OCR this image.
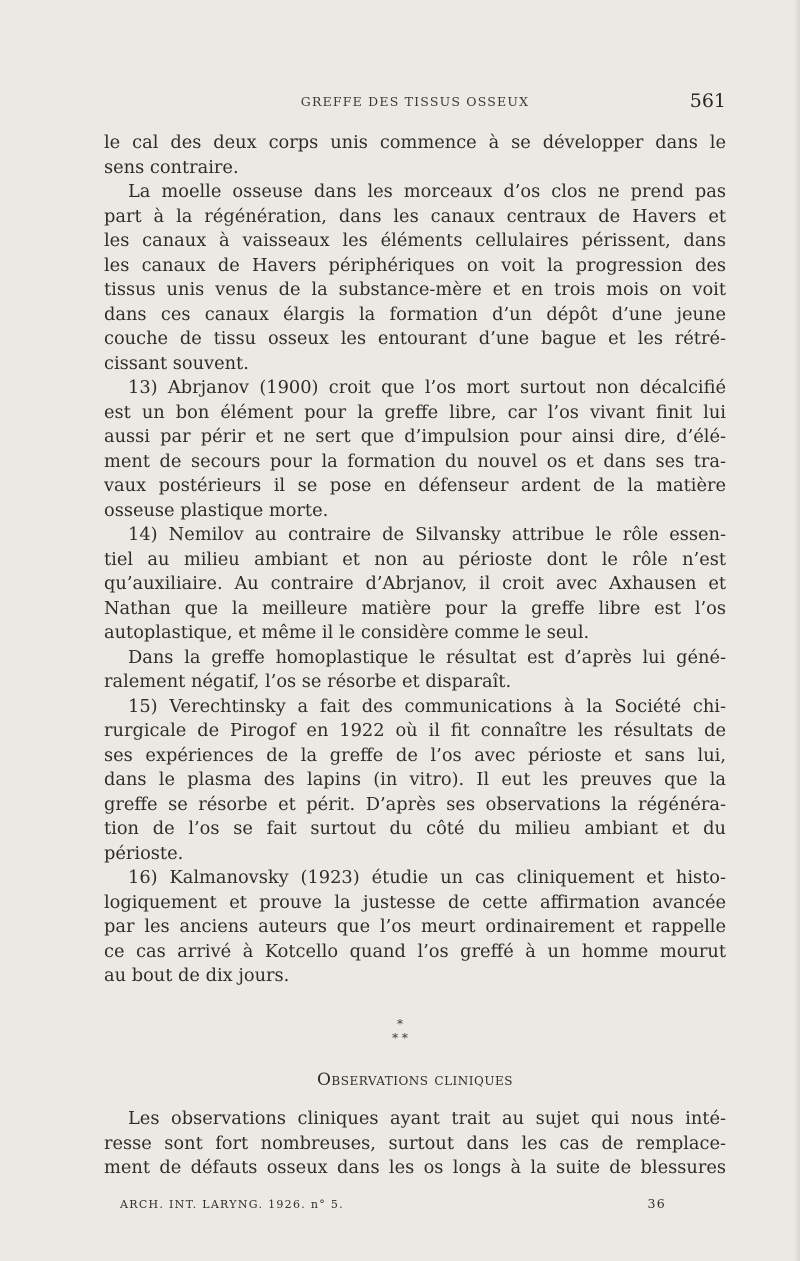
GREFFE DES TISSUS OSSEUX	561
le cal des deux corps unis commence à se développer dans le
sens contraire.
La moelle osseuse dans les morceaux d’os clos ne prend pas
part à la régénération, dans les canaux centraux de Havers et
les canaux à vaisseaux les éléments cellulaires périssent, dans
les canaux de Havers périphériques on voit la progression des
tissus unis venus de la substance-mère et en trois mois on voit
dans ces canaux élargis la formation d’un dépôt d’une jeune
couche de tissu osseux les entourant d’une bague et les rétré-
cissant souvent.
13) Abrjanov (1900) croit que l’os mort surtout non décalcifié
est un bon élément pour la greffe libre, car l’os vivant finit lui
aussi par périr et ne sert que d’impulsion pour ainsi dire, d’élé-
ment de secours pour la formation du nouvel os et dans ses tra-
vaux postérieurs il se pose en défenseur ardent de la matière
osseuse plastique morte.
14) Nemilov au contraire de Silvansky attribue le rôle essen-
tiel au milieu ambiant et non au périoste dont le rôle n’est
qu’auxiliaire. Au contraire d’Abrjanov, il croit avec Axhausen et
Nathan que la meilleure matière pour la greffe libre est l’os
autoplastique, et même il le considère comme le seul.
Dans la greffe homoplastique le résultat est d’après lui géné-
ralement négatif, l’os se résorbe et disparaît.
15) Verechtinsky a fait des communications à la Société chi-
rurgicale de Pirogof en 1922 où il fit connaître les résultats de
ses expériences de la greffe de l’os avec périoste et sans lui,
dans le plasma des lapins (in vitro). Il eut les preuves que la
greffe se résorbe et périt. D’après ses observations la régénéra-
tion de l’os se fait surtout du côté du milieu ambiant et du
périoste.
16) Kalmanovsky (1923) étudie un cas cliniquement et histo-
logiquement et prouve la justesse de cette affirmation avancée
par les anciens auteurs que l’os meurt ordinairement et rappelle
ce cas arrivé à Kotcello quand l’os greffé à un homme mourut
au bout de dix jours.
*
* *
Observations cliniques
Les observations cliniques ayant trait au sujet qui nous inté-
resse sont fort nombreuses, surtout dans les cas de remplace-
ment de défauts osseux dans les os longs à la suite de blessures
ARCH. INT. LARYNG. 1926. n° 5.	36
